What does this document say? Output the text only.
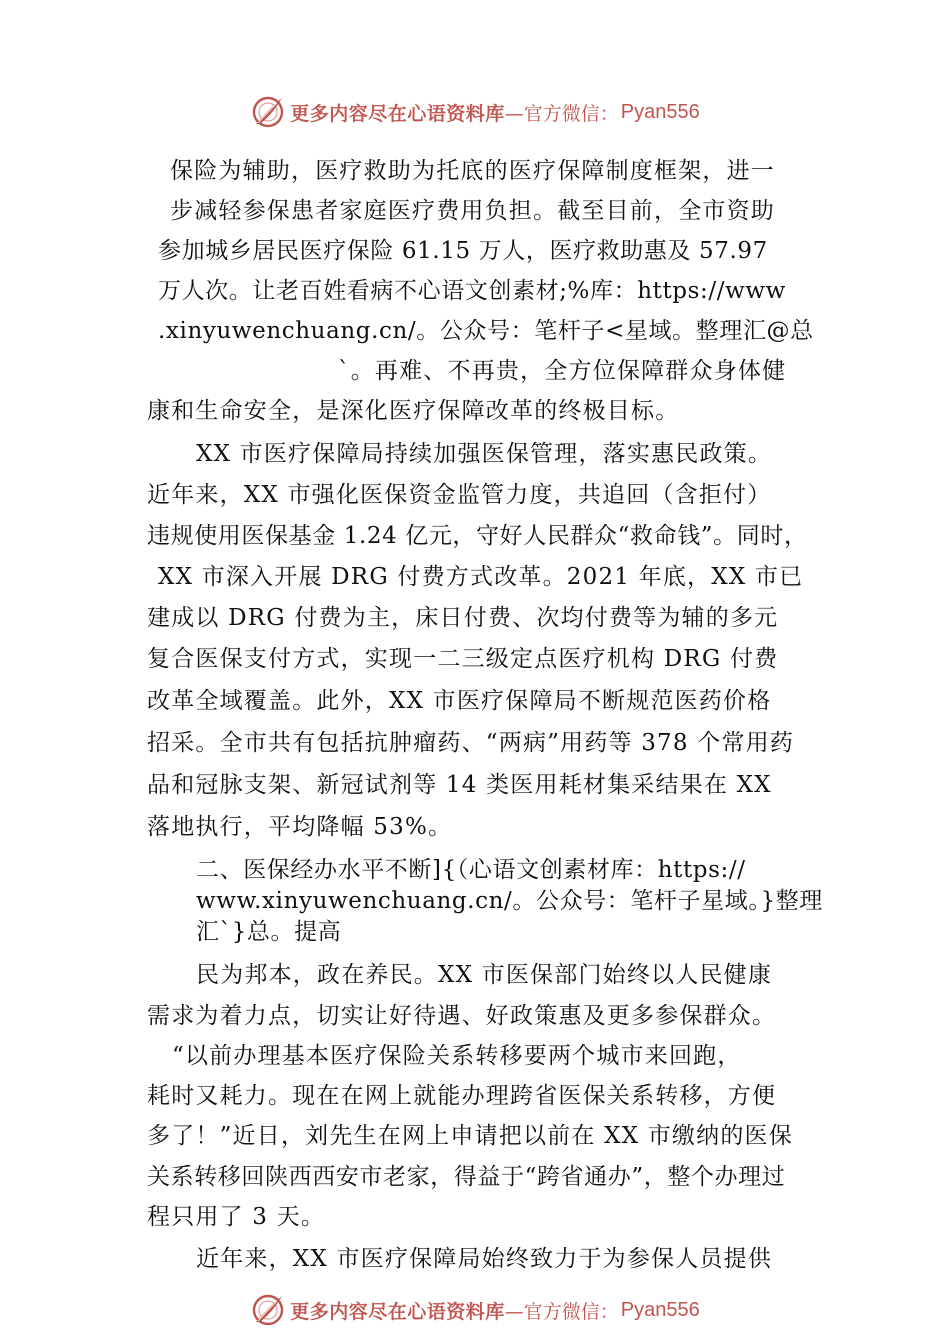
更多内容尽在心语资料库 —官方微信： Pyan556
保险为辅助，医疗救助为托底的医疗保障制度框架，进一
步减轻参保患者家庭医疗费用负担。截至目前，全市资助
参加城乡居民医疗保险 61.15 万人，医疗救助惠及 57.97
万人次。让老百姓看病不心语文创素材;%库：https://www
.xinyuwenchuang.cn/。公众号：笔杆子<星域。整理汇@总
`。再难、不再贵，全方位保障群众身体健
康和生命安全，是深化医疗保障改革的终极目标。
XX 市医疗保障局持续加强医保管理，落实惠民政策。
近年来，XX 市强化医保资金监管力度，共追回（含拒付）
违规使用医保基金 1.24 亿元，守好人民群众“救命钱”。同时，
XX 市深入开展 DRG 付费方式改革。2021 年底，XX 市已
建成以 DRG 付费为主，床日付费、次均付费等为辅的多元
复合医保支付方式，实现一二三级定点医疗机构 DRG 付费
改革全域覆盖。此外，XX 市医疗保障局不断规范医药价格
招采。全市共有包括抗肿瘤药、“两病”用药等 378 个常用药
品和冠脉支架、新冠试剂等 14 类医用耗材集采结果在 XX
落地执行，平均降幅 53%。
二、医保经办水平不断]{（心语文创素材库：https://
www.xinyuwenchuang.cn/。公众号：笔杆子星域。}整理
汇`}总。提高
民为邦本，政在养民。XX 市医保部门始终以人民健康
需求为着力点，切实让好待遇、好政策惠及更多参保群众。
“以前办理基本医疗保险关系转移要两个城市来回跑，
耗时又耗力。现在在网上就能办理跨省医保关系转移，方便
多了！”近日，刘先生在网上申请把以前在 XX 市缴纳的医保
关系转移回陕西西安市老家，得益于“跨省通办”，整个办理过
程只用了 3 天。
近年来，XX 市医疗保障局始终致力于为参保人员提供
更多内容尽在心语资料库 —官方微信： Pyan556
